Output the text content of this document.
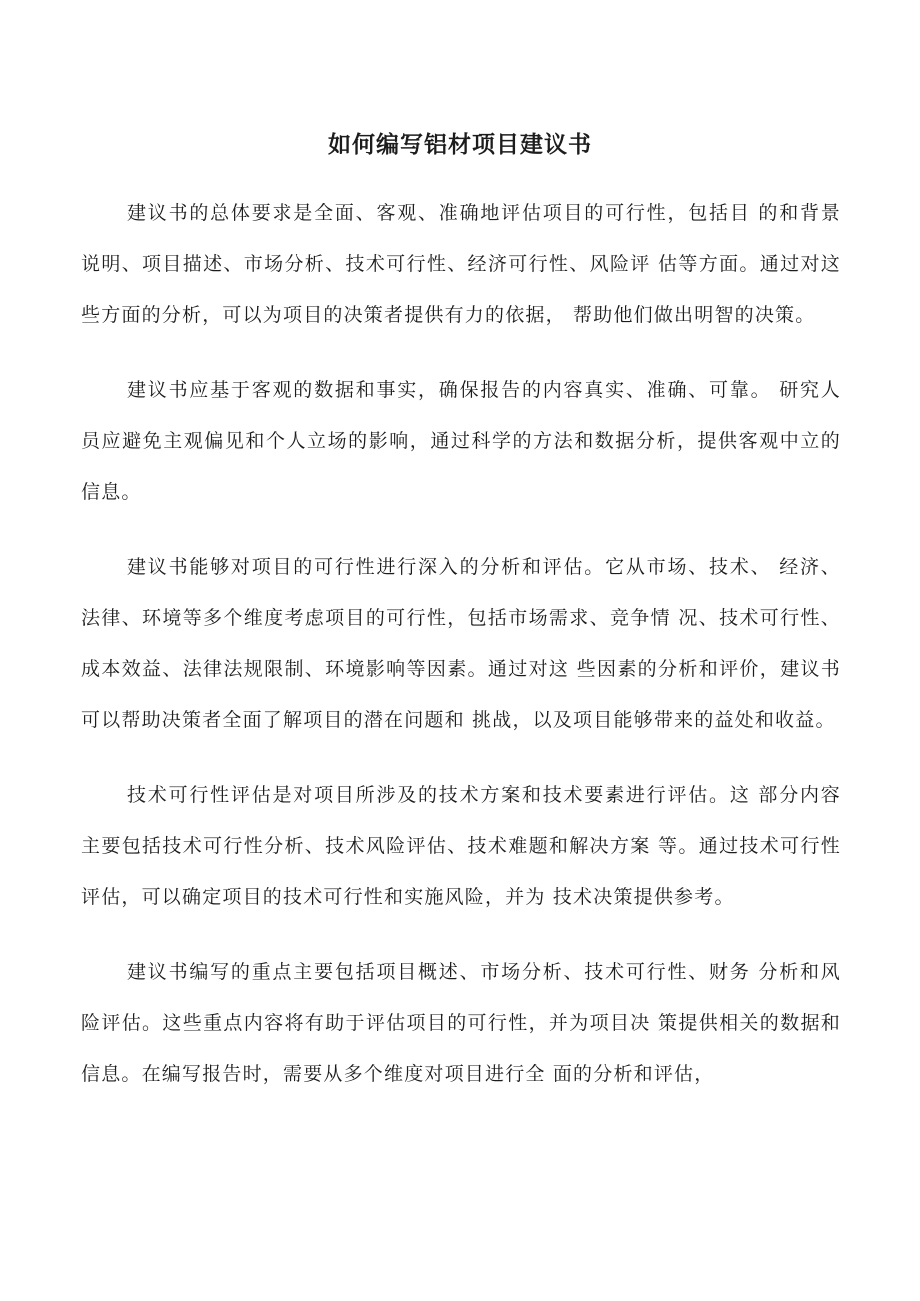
如何编写铝材项目建议书

建议书的总体要求是全面、客观、准确地评估项目的可行性，包括目 的和背景说明、项目描述、市场分析、技术可行性、经济可行性、风险评 估等方面。通过对这些方面的分析，可以为项目的决策者提供有力的依据， 帮助他们做出明智的决策。

建议书应基于客观的数据和事实，确保报告的内容真实、准确、可靠。 研究人员应避免主观偏见和个人立场的影响，通过科学的方法和数据分析，提供客观中立的信息。

建议书能够对项目的可行性进行深入的分析和评估。它从市场、技术、 经济、法律、环境等多个维度考虑项目的可行性，包括市场需求、竞争情 况、技术可行性、成本效益、法律法规限制、环境影响等因素。通过对这 些因素的分析和评价，建议书可以帮助决策者全面了解项目的潜在问题和 挑战，以及项目能够带来的益处和收益。

技术可行性评估是对项目所涉及的技术方案和技术要素进行评估。这 部分内容主要包括技术可行性分析、技术风险评估、技术难题和解决方案 等。通过技术可行性评估，可以确定项目的技术可行性和实施风险，并为 技术决策提供参考。

建议书编写的重点主要包括项目概述、市场分析、技术可行性、财务 分析和风险评估。这些重点内容将有助于评估项目的可行性，并为项目决 策提供相关的数据和信息。在编写报告时，需要从多个维度对项目进行全 面的分析和评估，
